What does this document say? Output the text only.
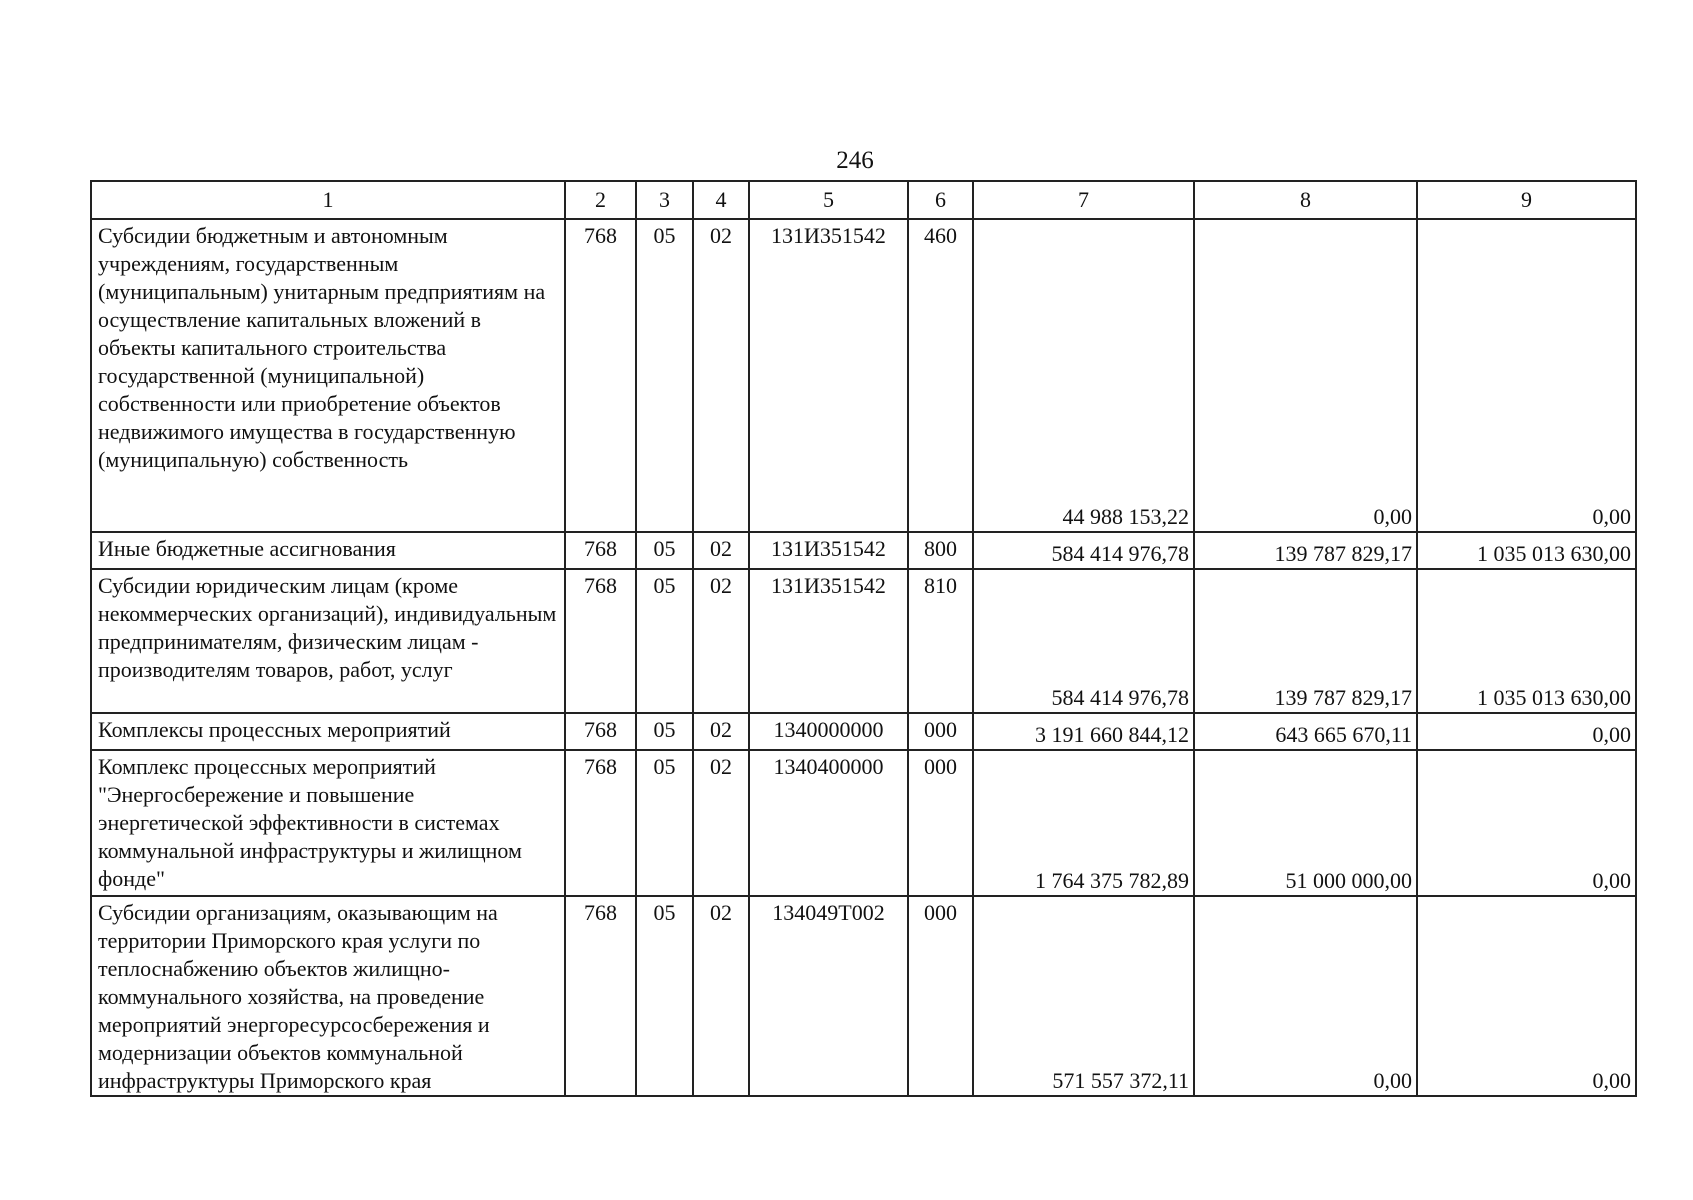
246
1	2	3	4	5	6	7	8	9
Субсидии бюджетным и автономным учреждениям, государственным (муниципальным) унитарным предприятиям на осуществление капитальных вложений в объекты капитального строительства государственной (муниципальной) собственности или приобретение объектов недвижимого имущества в государственную (муниципальную) собственность	768	05	02	131И351542	460	44 988 153,22	0,00	0,00
Иные бюджетные ассигнования	768	05	02	131И351542	800	584 414 976,78	139 787 829,17	1 035 013 630,00
Субсидии юридическим лицам (кроме некоммерческих организаций), индивидуальным предпринимателям, физическим лицам - производителям товаров, работ, услуг	768	05	02	131И351542	810	584 414 976,78	139 787 829,17	1 035 013 630,00
Комплексы процессных мероприятий	768	05	02	1340000000	000	3 191 660 844,12	643 665 670,11	0,00
Комплекс процессных мероприятий "Энергосбережение и повышение энергетической эффективности в системах коммунальной инфраструктуры и жилищном фонде"	768	05	02	1340400000	000	1 764 375 782,89	51 000 000,00	0,00
Субсидии организациям, оказывающим на территории Приморского края услуги по теплоснабжению объектов жилищно-коммунального хозяйства, на проведение мероприятий энергоресурсосбережения и модернизации объектов коммунальной инфраструктуры Приморского края	768	05	02	134049Т002	000	571 557 372,11	0,00	0,00
